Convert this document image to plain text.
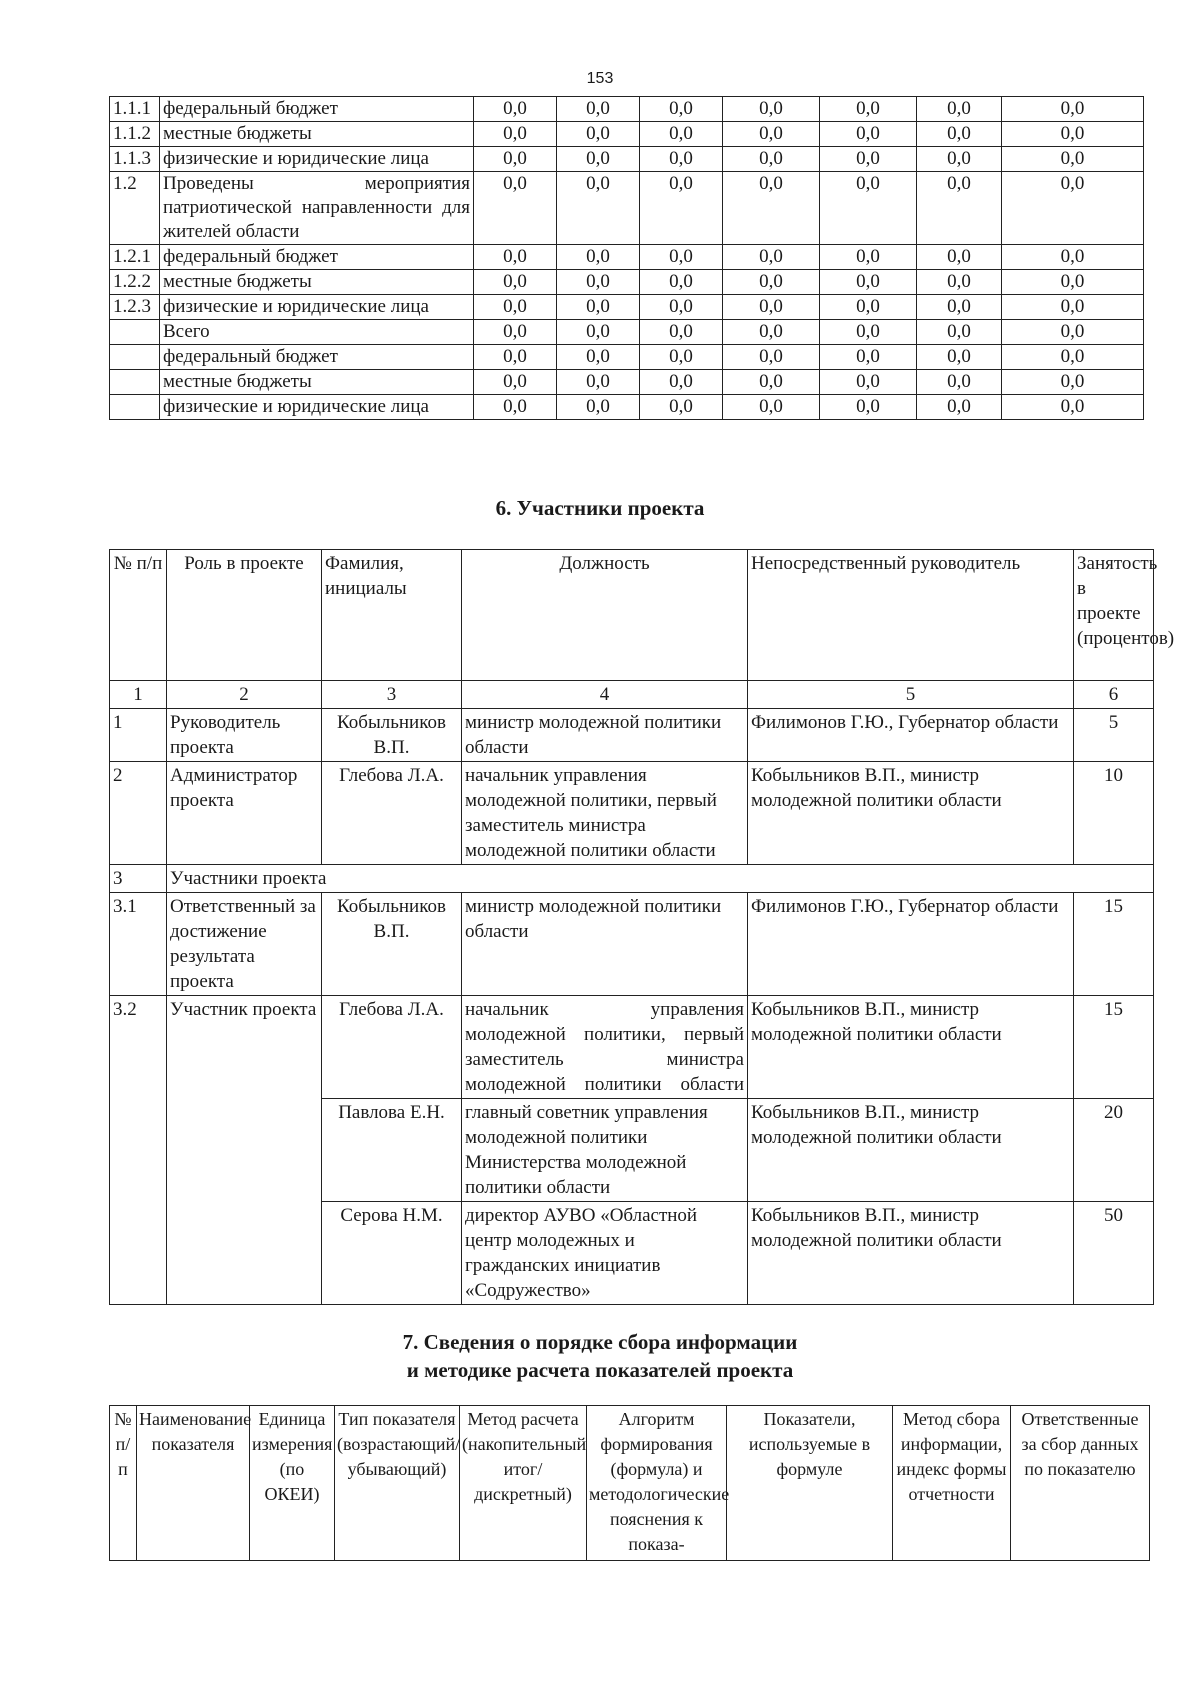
153
1.1.1	федеральный бюджет	0,0	0,0	0,0	0,0	0,0	0,0	0,0
1.1.2	местные бюджеты	0,0	0,0	0,0	0,0	0,0	0,0	0,0
1.1.3	физические и юридические лица	0,0	0,0	0,0	0,0	0,0	0,0	0,0
1.2	Проведены мероприятия патриотической направленности для жителей области	0,0	0,0	0,0	0,0	0,0	0,0	0,0
1.2.1	федеральный бюджет	0,0	0,0	0,0	0,0	0,0	0,0	0,0
1.2.2	местные бюджеты	0,0	0,0	0,0	0,0	0,0	0,0	0,0
1.2.3	физические и юридические лица	0,0	0,0	0,0	0,0	0,0	0,0	0,0
	Всего	0,0	0,0	0,0	0,0	0,0	0,0	0,0
	федеральный бюджет	0,0	0,0	0,0	0,0	0,0	0,0	0,0
	местные бюджеты	0,0	0,0	0,0	0,0	0,0	0,0	0,0
	физические и юридические лица	0,0	0,0	0,0	0,0	0,0	0,0	0,0
6. Участники проекта
№ п/п	Роль в проекте	Фамилия, инициалы	Должность	Непосредственный руководитель	Занятость в проекте (процентов)
1	2	3	4	5	6
1	Руководитель проекта	Кобыльников В.П.	министр молодежной политики области	Филимонов Г.Ю., Губернатор области	5
2	Администратор проекта	Глебова Л.А.	начальник управления молодежной политики, первый заместитель министра молодежной политики области	Кобыльников В.П., министр молодежной политики области	10
3	Участники проекта				
3.1	Ответственный за достижение результата проекта	Кобыльников В.П.	министр молодежной политики области	Филимонов Г.Ю., Губернатор области	15
3.2	Участник проекта	Глебова Л.А.	начальник управления молодежной политики, первый заместитель министра молодежной политики области	Кобыльников В.П., министр молодежной политики области	15
		Павлова Е.Н.	главный советник управления молодежной политики Министерства молодежной политики области	Кобыльников В.П., министр молодежной политики области	20
		Серова Н.М.	директор АУВО «Областной центр молодежных и гражданских инициатив «Содружество»	Кобыльников В.П., министр молодежной политики области	50
7. Сведения о порядке сбора информации
и методике расчета показателей проекта
№ п/п	Наименование показателя	Единица измерения (по ОКЕИ)	Тип показателя (возрастающий/убывающий)	Метод расчета (накопительный итог/дискретный)	Алгоритм формирования (формула) и методологические пояснения к показа-	Показатели, используемые в формуле	Метод сбора информации, индекс формы отчетности	Ответственные за сбор данных по показателю
